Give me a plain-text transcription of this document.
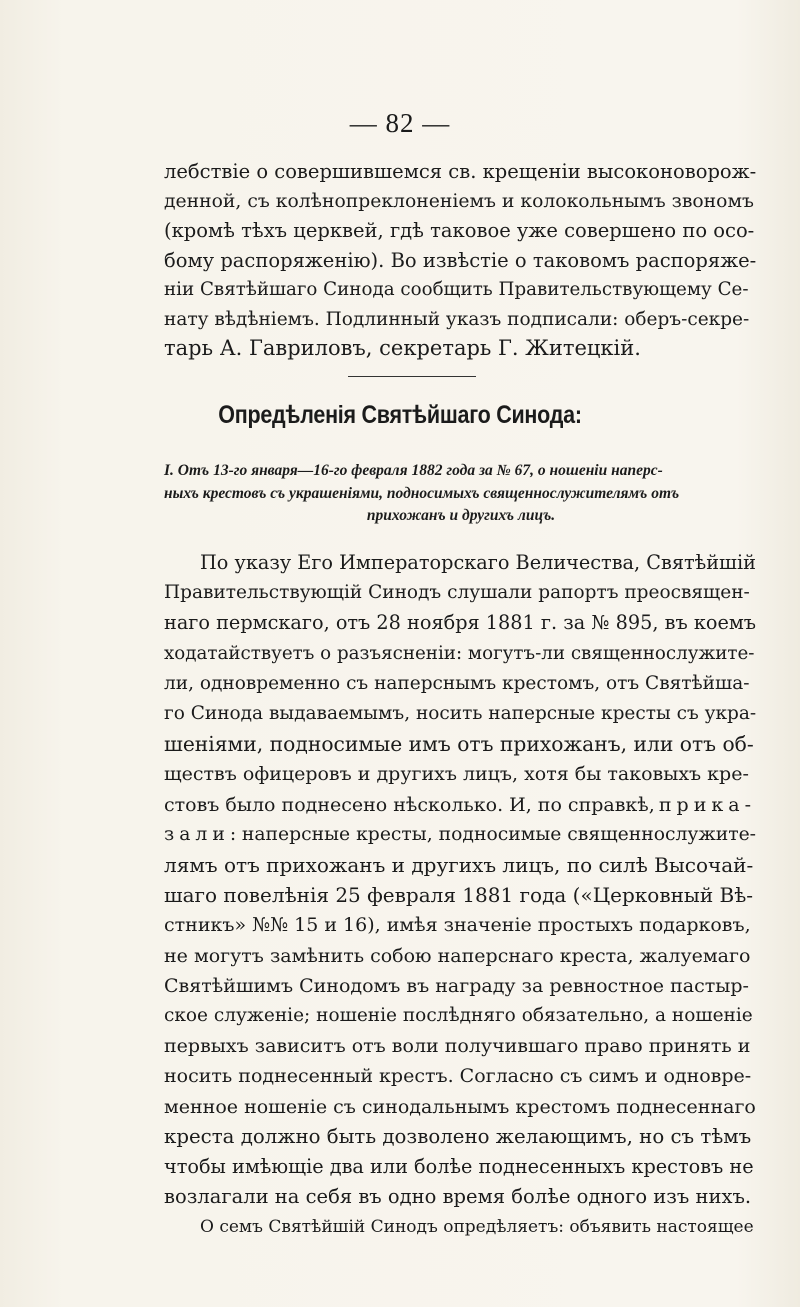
— 82 —
лебствіе о совершившемся св. крещеніи высоконоворож-
денной, съ колѣнопреклоненіемъ и колокольнымъ звономъ
(кромѣ тѣхъ церквей, гдѣ таковое уже совершено по осо-
бому распоряженію). Во извѣстіе о таковомъ распоряже-
ніи Святѣйшаго Синода сообщить Правительствующему Се-
нату вѣдѣніемъ. Подлинный указъ подписали: оберъ-секре-
тарь А. Гавриловъ, секретарь Г. Житецкій.
Опредѣленія Святѣйшаго Синода:
I. Отъ 13-го января—16-го февраля 1882 года за № 67, о ношеніи наперс-
ныхъ крестовъ съ украшеніями, подносимыхъ священнослужителямъ отъ
прихожанъ и другихъ лицъ.
По указу Его Императорскаго Величества, Святѣйшій
Правительствующій Синодъ слушали рапортъ преосвящен-
наго пермскаго, отъ 28 ноября 1881 г. за № 895, въ коемъ
ходатайствуетъ о разъясненіи: могутъ-ли священнослужите-
ли, одновременно съ наперснымъ крестомъ, отъ Святѣйша-
го Синода выдаваемымъ, носить наперсные кресты съ укра-
шеніями, подносимые имъ отъ прихожанъ, или отъ об-
ществъ офицеровъ и другихъ лицъ, хотя бы таковыхъ кре-
стовъ было поднесено нѣсколько. И, по справкѣ, прика-
зали: наперсные кресты, подносимые священнослужите-
лямъ отъ прихожанъ и другихъ лицъ, по силѣ Высочай-
шаго повелѣнія 25 февраля 1881 года («Церковный Вѣ-
стникъ» №№ 15 и 16), имѣя значеніе простыхъ подарковъ,
не могутъ замѣнить собою наперснаго креста, жалуемаго
Святѣйшимъ Синодомъ въ награду за ревностное пастыр-
ское служеніе; ношеніе послѣдняго обязательно, а ношеніе
первыхъ зависитъ отъ воли получившаго право принять и
носить поднесенный крестъ. Согласно съ симъ и одновре-
менное ношеніе съ синодальнымъ крестомъ поднесеннаго
креста должно быть дозволено желающимъ, но съ тѣмъ
чтобы имѣющіе два или болѣе поднесенныхъ крестовъ не
возлагали на себя въ одно время болѣе одного изъ нихъ.
О семъ Святѣйшій Синодъ опредѣляетъ: объявить настоящее
